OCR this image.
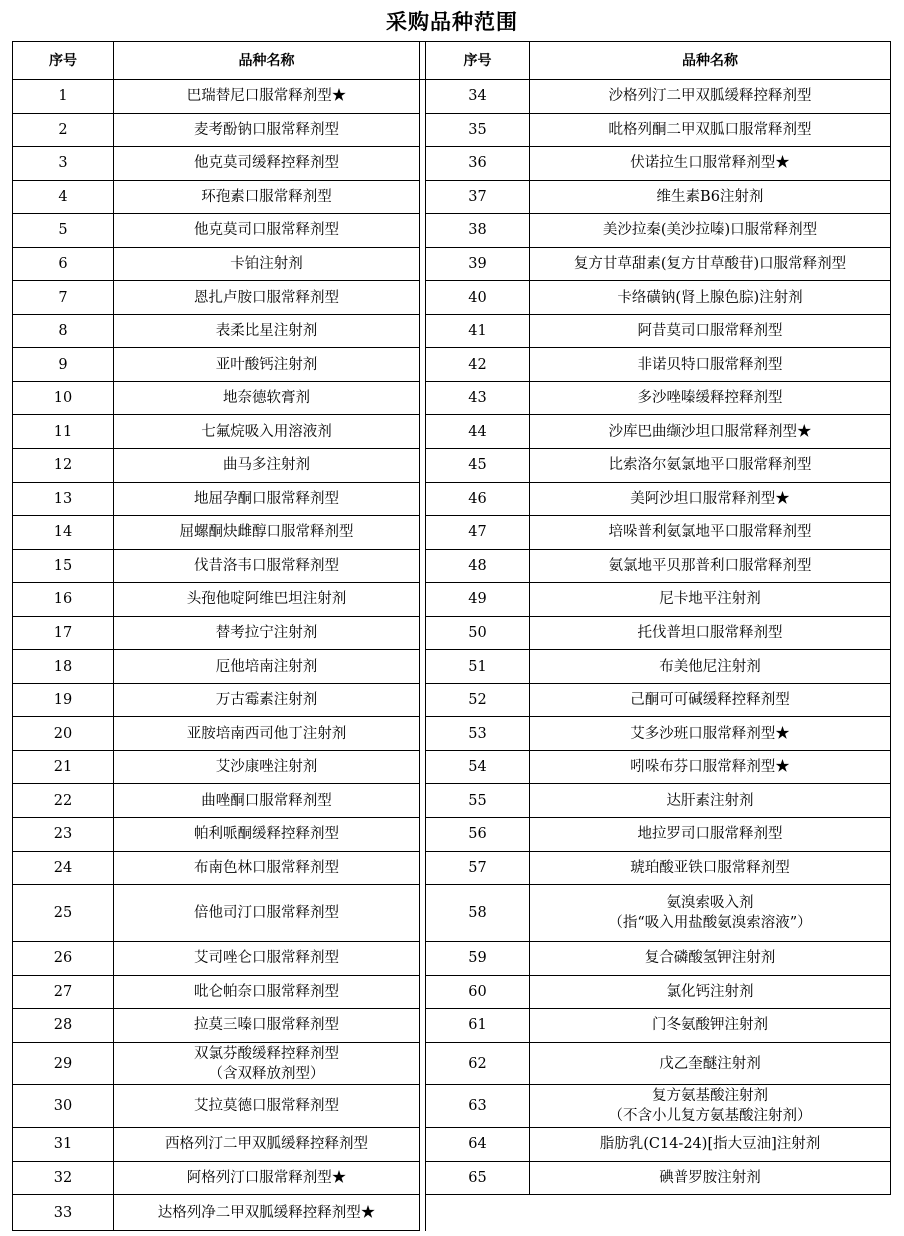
采购品种范围
序号	品种名称		序号	品种名称
1	巴瑞替尼口服常释剂型★		34	沙格列汀二甲双胍缓释控释剂型
2	麦考酚钠口服常释剂型		35	吡格列酮二甲双胍口服常释剂型
3	他克莫司缓释控释剂型		36	伏诺拉生口服常释剂型★
4	环孢素口服常释剂型		37	维生素B6注射剂
5	他克莫司口服常释剂型		38	美沙拉秦(美沙拉嗪)口服常释剂型
6	卡铂注射剂		39	复方甘草甜素(复方甘草酸苷)口服常释剂型
7	恩扎卢胺口服常释剂型		40	卡络磺钠(肾上腺色腙)注射剂
8	表柔比星注射剂		41	阿昔莫司口服常释剂型
9	亚叶酸钙注射剂		42	非诺贝特口服常释剂型
10	地奈德软膏剂		43	多沙唑嗪缓释控释剂型
11	七氟烷吸入用溶液剂		44	沙库巴曲缬沙坦口服常释剂型★
12	曲马多注射剂		45	比索洛尔氨氯地平口服常释剂型
13	地屈孕酮口服常释剂型		46	美阿沙坦口服常释剂型★
14	屈螺酮炔雌醇口服常释剂型		47	培哚普利氨氯地平口服常释剂型
15	伐昔洛韦口服常释剂型		48	氨氯地平贝那普利口服常释剂型
16	头孢他啶阿维巴坦注射剂		49	尼卡地平注射剂
17	替考拉宁注射剂		50	托伐普坦口服常释剂型
18	厄他培南注射剂		51	布美他尼注射剂
19	万古霉素注射剂		52	己酮可可碱缓释控释剂型
20	亚胺培南西司他丁注射剂		53	艾多沙班口服常释剂型★
21	艾沙康唑注射剂		54	吲哚布芬口服常释剂型★
22	曲唑酮口服常释剂型		55	达肝素注射剂
23	帕利哌酮缓释控释剂型		56	地拉罗司口服常释剂型
24	布南色林口服常释剂型		57	琥珀酸亚铁口服常释剂型
25	倍他司汀口服常释剂型		58	氨溴索吸入剂

（指“吸入用盐酸氨溴索溶液”）

26	艾司唑仑口服常释剂型		59	复合磷酸氢钾注射剂
27	吡仑帕奈口服常释剂型		60	氯化钙注射剂
28	拉莫三嗪口服常释剂型		61	门冬氨酸钾注射剂
29	双氯芬酸缓释控释剂型

（含双释放剂型）		62	戊乙奎醚注射剂
30	艾拉莫德口服常释剂型		63	复方氨基酸注射剂

（不含小儿复方氨基酸注射剂）

31	西格列汀二甲双胍缓释控释剂型		64	脂肪乳(C14-24)[指大豆油]注射剂
32	阿格列汀口服常释剂型★		65	碘普罗胺注射剂
33	达格列净二甲双胍缓释控释剂型★			
